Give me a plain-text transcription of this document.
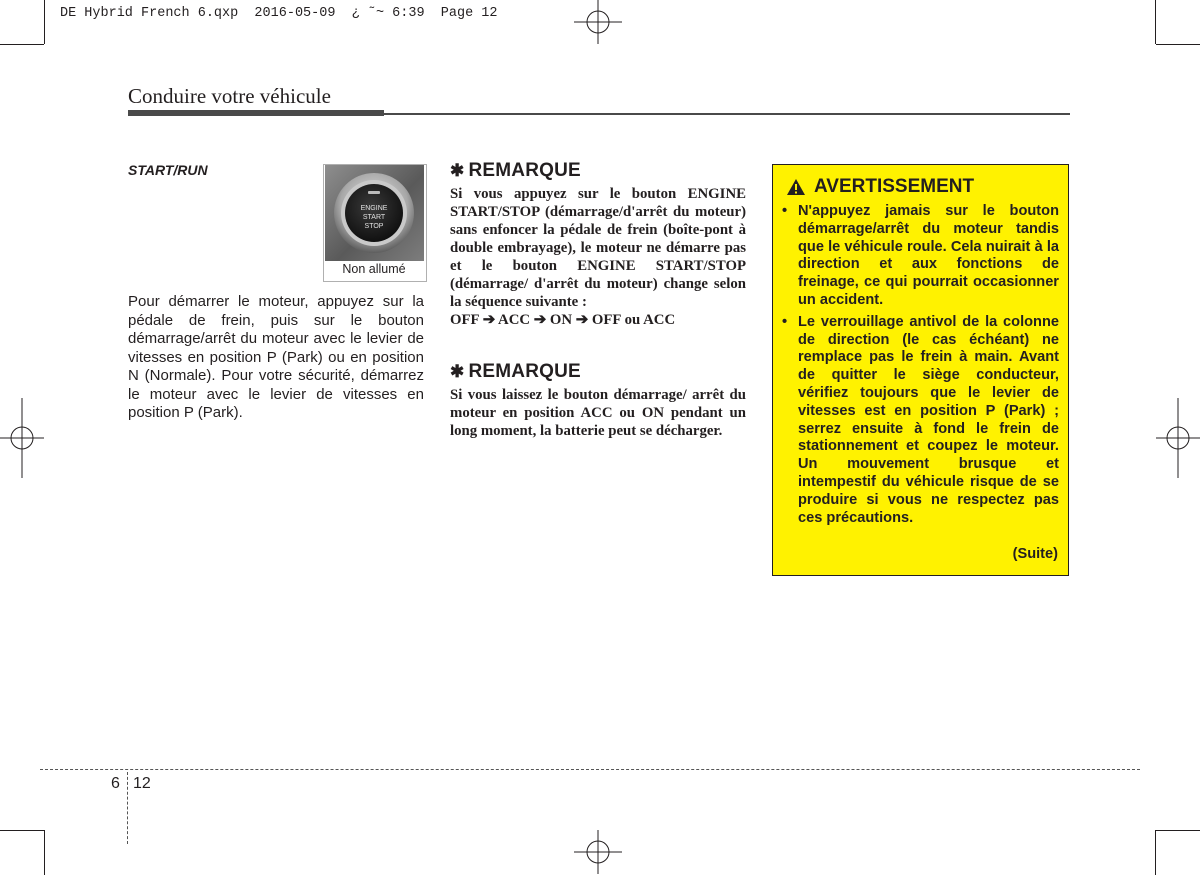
DE Hybrid French 6.qxp  2016-05-09  ¿ ˜~ 6:39  Page 12
Conduire votre véhicule
START/RUN
ENGINE
START
STOP
Non allumé
Pour démarrer le moteur, appuyez sur la pédale de frein, puis sur le bouton démarrage/arrêt du moteur avec le levier de vitesses en position P (Park) ou en position N (Normale). Pour votre sécurité, démarrez le moteur avec le levier de vitesses en position P (Park).
✱ REMARQUE
Si vous appuyez sur le bouton ENGINE START/STOP (démarrage/d'arrêt du moteur) sans enfoncer la pédale de frein (boîte-pont à double embrayage), le moteur ne démarre pas et le bouton ENGINE START/STOP (démarrage/ d'arrêt du moteur) change selon la séquence suivante :
OFF ➔ ACC ➔ ON ➔ OFF ou ACC
✱ REMARQUE
Si vous laissez le bouton démarrage/ arrêt du moteur en position ACC ou ON pendant un long moment, la batterie peut se décharger.
AVERTISSEMENT
• N'appuyez jamais sur le bouton démarrage/arrêt du moteur tandis que le véhicule roule. Cela nuirait à la direction et aux fonctions de freinage, ce qui pourrait occasionner un accident.
• Le verrouillage antivol de la colonne de direction (le cas échéant) ne remplace pas le frein à main. Avant de quitter le siège conducteur, vérifiez toujours que le levier de vitesses est en position P (Park) ; serrez ensuite à fond le frein de stationnement et coupez le moteur. Un mouvement brusque et intempestif du véhicule risque de se produire si vous ne respectez pas ces précautions.
(Suite)
6 12
